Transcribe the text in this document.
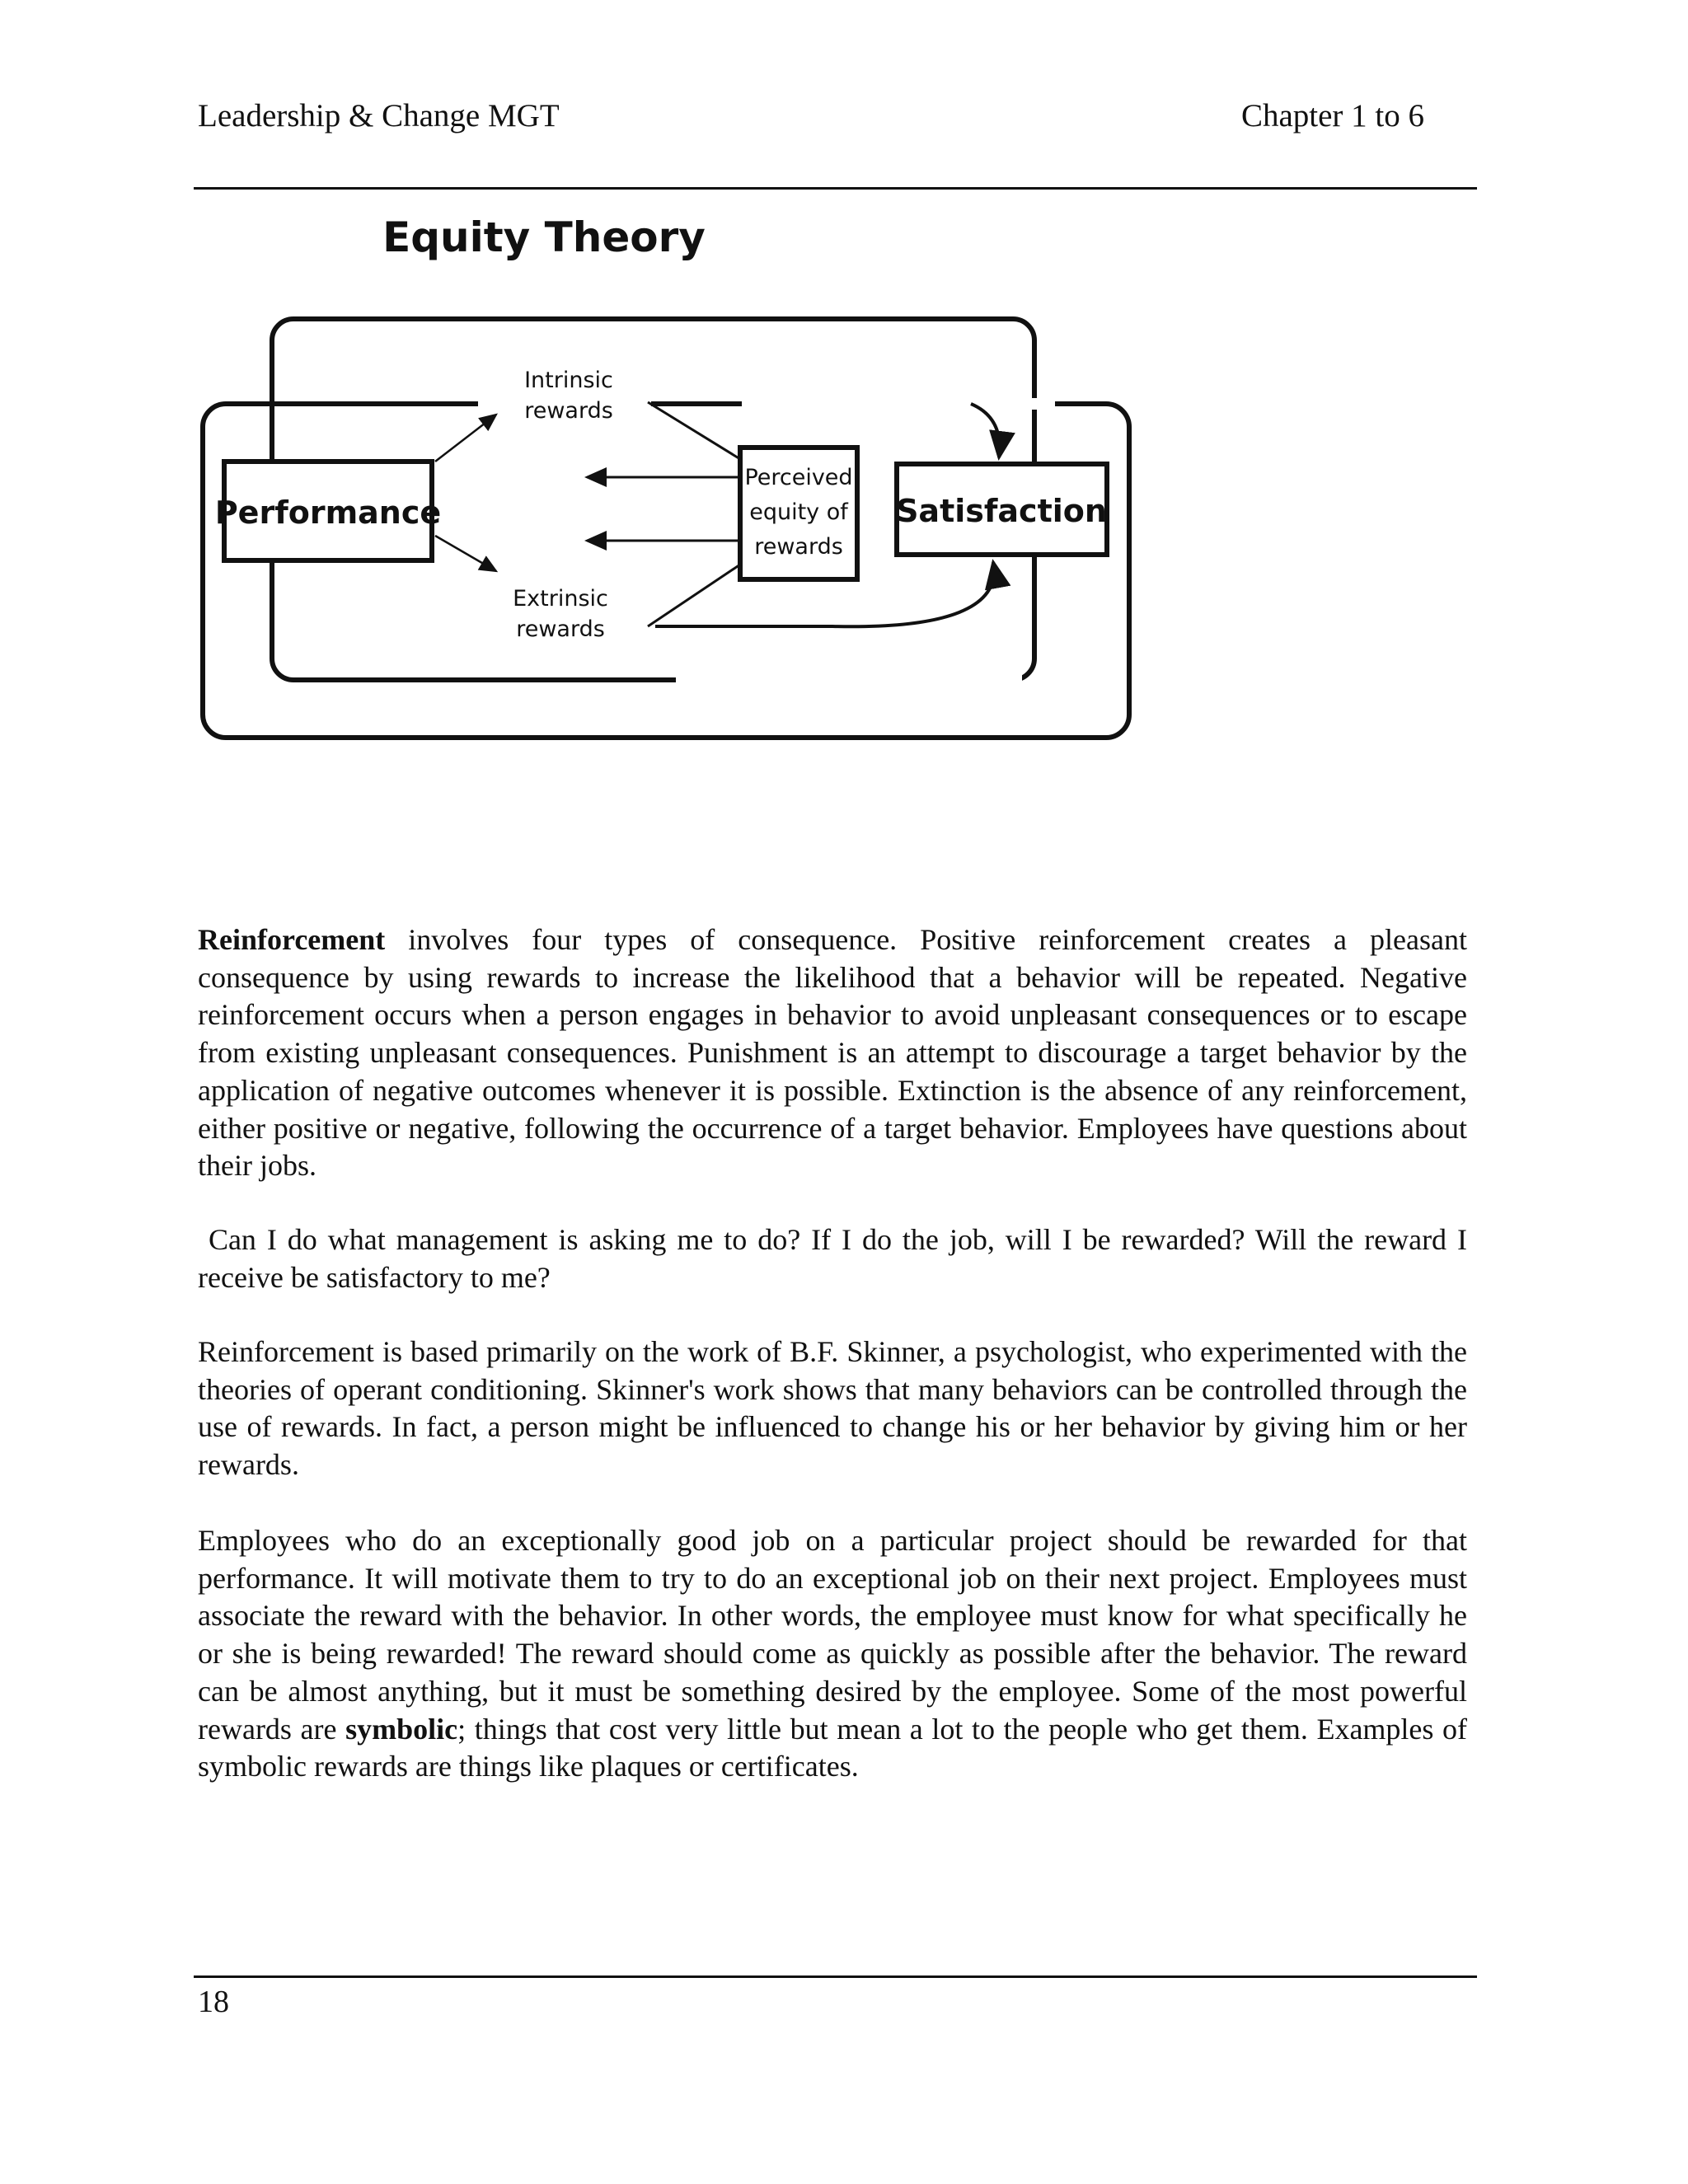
Leadership & Change MGT	Chapter 1 to 6
Equity Theory
Performance
Perceived
equity of
rewards
Satisfaction
Intrinsic
rewards
Extrinsic
rewards

Reinforcement involves four types of consequence. Positive reinforcement creates a pleasant consequence by using rewards to increase the likelihood that a behavior will be repeated. Negative reinforcement occurs when a person engages in behavior to avoid unpleasant consequences or to escape from existing unpleasant consequences. Punishment is an attempt to discourage a target behavior by the application of negative outcomes whenever it is possible. Extinction is the absence of any reinforcement, either positive or negative, following the occurrence of a target behavior. Employees have questions about their jobs.

Can I do what management is asking me to do? If I do the job, will I be rewarded? Will the reward I receive be satisfactory to me?

Reinforcement is based primarily on the work of B.F. Skinner, a psychologist, who experimented with the theories of operant conditioning. Skinner's work shows that many behaviors can be controlled through the use of rewards. In fact, a person might be influenced to change his or her behavior by giving him or her rewards.

Employees who do an exceptionally good job on a particular project should be rewarded for that performance. It will motivate them to try to do an exceptional job on their next project. Employees must associate the reward with the behavior. In other words, the employee must know for what specifically he or she is being rewarded! The reward should come as quickly as possible after the behavior. The reward can be almost anything, but it must be something desired by the employee. Some of the most powerful rewards are symbolic; things that cost very little but mean a lot to the people who get them. Examples of symbolic rewards are things like plaques or certificates.

18
